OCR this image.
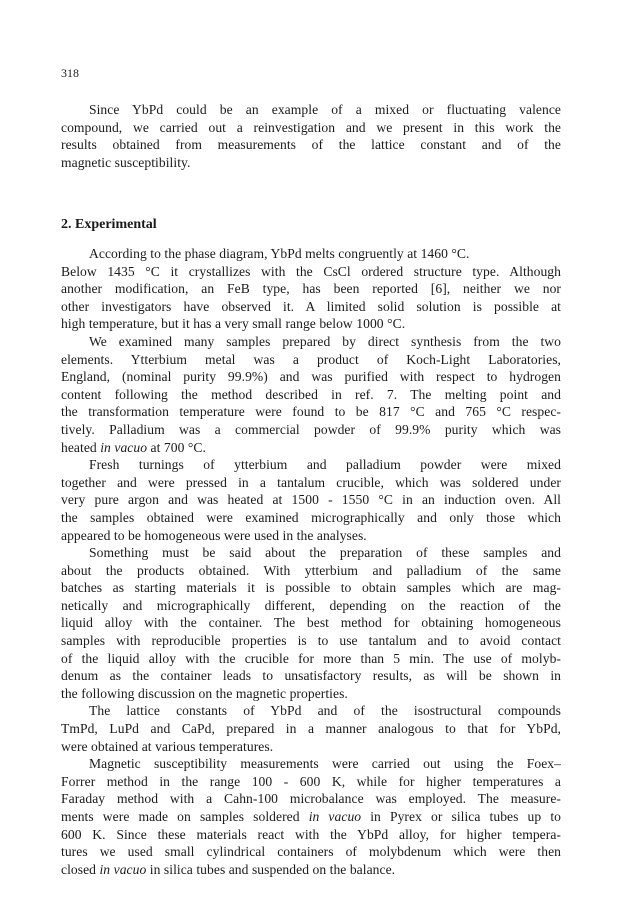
318
Since YbPd could be an example of a mixed or fluctuating valence
compound, we carried out a reinvestigation and we present in this work the
results obtained from measurements of the lattice constant and of the
magnetic susceptibility.
2. Experimental
According to the phase diagram, YbPd melts congruently at 1460 °C.
Below 1435 °C it crystallizes with the CsCl ordered structure type. Although
another modification, an FeB type, has been reported [6], neither we nor
other investigators have observed it. A limited solid solution is possible at
high temperature, but it has a very small range below 1000 °C.
We examined many samples prepared by direct synthesis from the two
elements. Ytterbium metal was a product of Koch-Light Laboratories,
England, (nominal purity 99.9%) and was purified with respect to hydrogen
content following the method described in ref. 7. The melting point and
the transformation temperature were found to be 817 °C and 765 °C respec-
tively. Palladium was a commercial powder of 99.9% purity which was
heated in vacuo at 700 °C.
Fresh turnings of ytterbium and palladium powder were mixed
together and were pressed in a tantalum crucible, which was soldered under
very pure argon and was heated at 1500 - 1550 °C in an induction oven. All
the samples obtained were examined micrographically and only those which
appeared to be homogeneous were used in the analyses.
Something must be said about the preparation of these samples and
about the products obtained. With ytterbium and palladium of the same
batches as starting materials it is possible to obtain samples which are mag-
netically and micrographically different, depending on the reaction of the
liquid alloy with the container. The best method for obtaining homogeneous
samples with reproducible properties is to use tantalum and to avoid contact
of the liquid alloy with the crucible for more than 5 min. The use of molyb-
denum as the container leads to unsatisfactory results, as will be shown in
the following discussion on the magnetic properties.
The lattice constants of YbPd and of the isostructural compounds
TmPd, LuPd and CaPd, prepared in a manner analogous to that for YbPd,
were obtained at various temperatures.
Magnetic susceptibility measurements were carried out using the Foex–
Forrer method in the range 100 - 600 K, while for higher temperatures a
Faraday method with a Cahn-100 microbalance was employed. The measure-
ments were made on samples soldered in vacuo in Pyrex or silica tubes up to
600 K. Since these materials react with the YbPd alloy, for higher tempera-
tures we used small cylindrical containers of molybdenum which were then
closed in vacuo in silica tubes and suspended on the balance.
